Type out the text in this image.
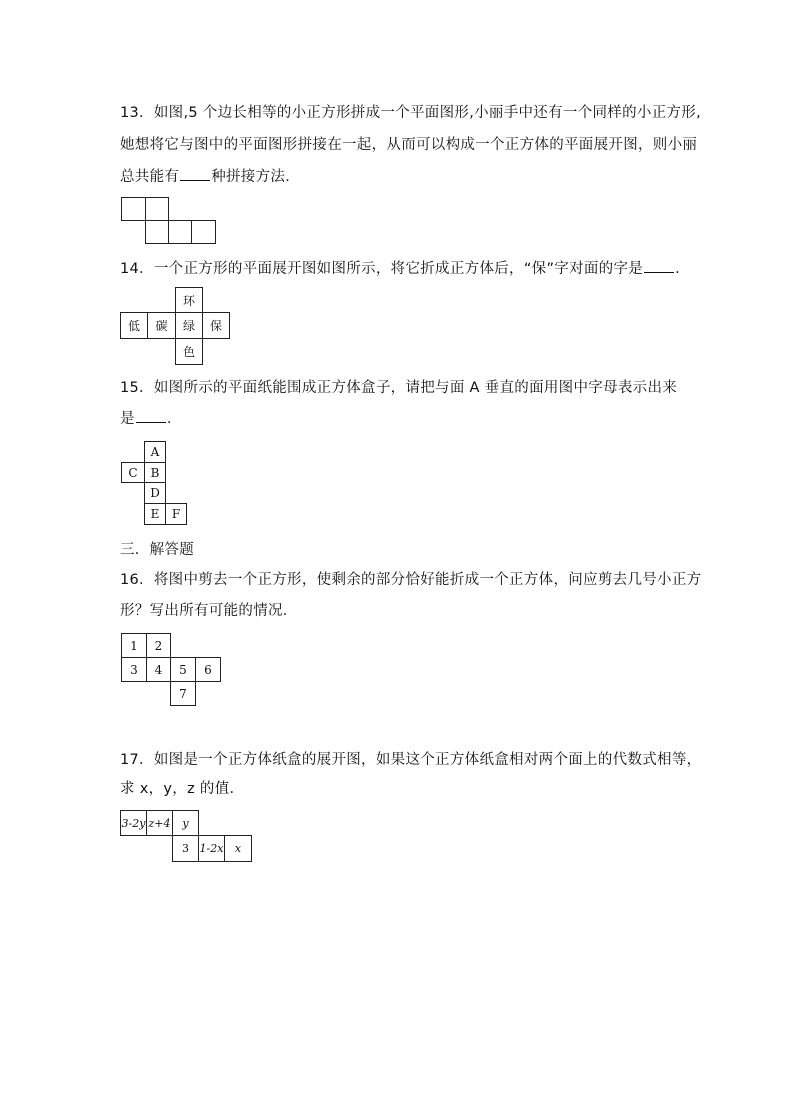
13．如图,5 个边长相等的小正方形拼成一个平面图形,小丽手中还有一个同样的小正方形,
她想将它与图中的平面图形拼接在一起，从而可以构成一个正方体的平面展开图，则小丽
总共能有 种拼接方法．
14．一个正方形的平面展开图如图所示，将它折成正方体后，“保”字对面的字是 ．
环
低	碳	绿	保
色
15．如图所示的平面纸能围成正方体盒子，请把与面 A 垂直的面用图中字母表示出来
是 ．
A
C	B
D
E	F
三．解答题
16．将图中剪去一个正方形，使剩余的部分恰好能折成一个正方体，问应剪去几号小正方
形？写出所有可能的情况．
1	2
3	4	5	6
7
17．如图是一个正方体纸盒的展开图，如果这个正方体纸盒相对两个面上的代数式相等，
求 x，y，z 的值．
3-2y z+4	y
3 1-2x	x
